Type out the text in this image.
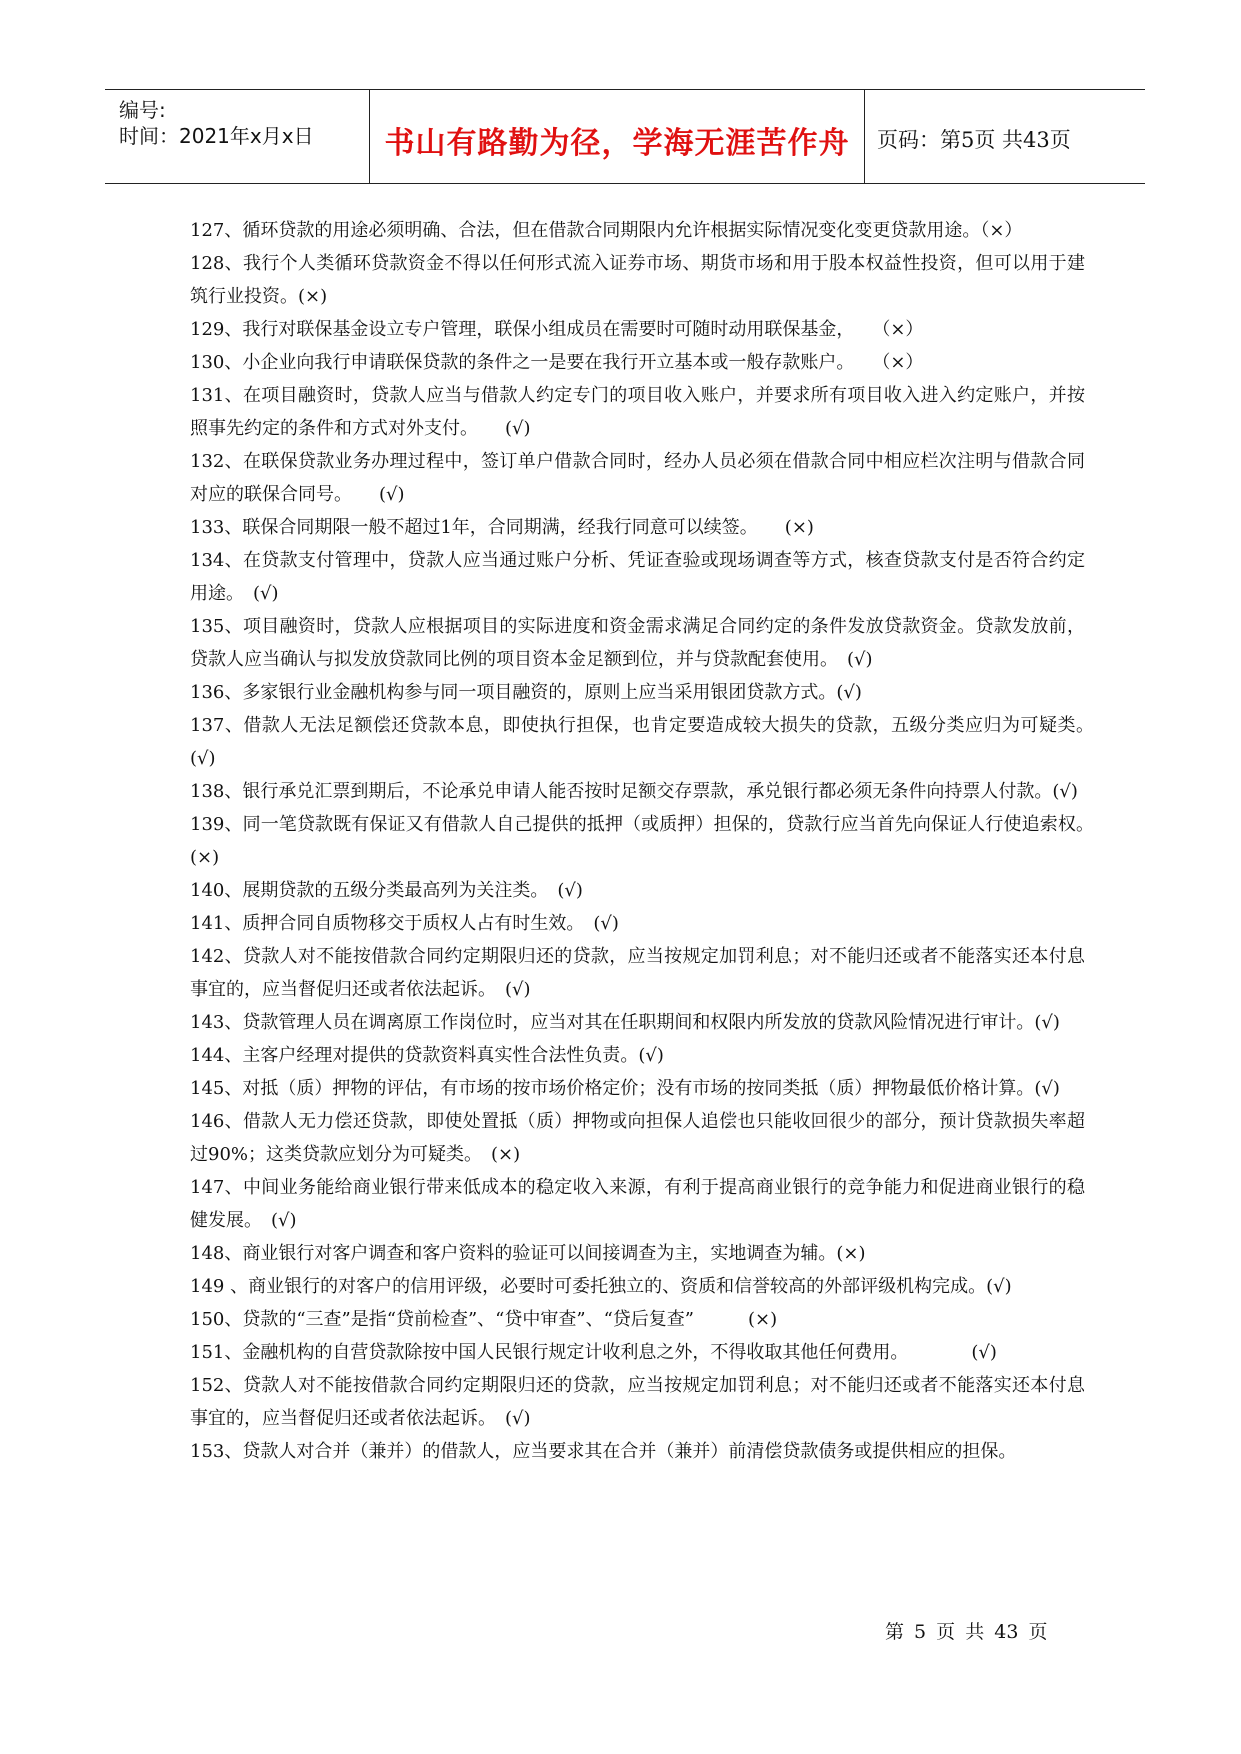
编号:
时间：2021年x月x日	书山有路勤为径，学海无涯苦作舟	页码：第5页 共43页
127、循环贷款的用途必须明确、合法，但在借款合同期限内允许根据实际情况变化变更贷款用途。（×）
128、我行个人类循环贷款资金不得以任何形式流入证券市场、期货市场和用于股本权益性投资，但可以用于建筑行业投资。(×)
129、我行对联保基金设立专户管理，联保小组成员在需要时可随时动用联保基金，　　（×）
130、小企业向我行申请联保贷款的条件之一是要在我行开立基本或一般存款账户。　　（×）
131、在项目融资时，贷款人应当与借款人约定专门的项目收入账户，并要求所有项目收入进入约定账户，并按照事先约定的条件和方式对外支付。　　(√)
132、在联保贷款业务办理过程中，签订单户借款合同时，经办人员必须在借款合同中相应栏次注明与借款合同对应的联保合同号。　　(√)
133、联保合同期限一般不超过1年，合同期满，经我行同意可以续签。　　(×)
134、在贷款支付管理中，贷款人应当通过账户分析、凭证查验或现场调查等方式，核查贷款支付是否符合约定用途。　(√)
135、项目融资时，贷款人应根据项目的实际进度和资金需求满足合同约定的条件发放贷款资金。贷款发放前，贷款人应当确认与拟发放贷款同比例的项目资本金足额到位，并与贷款配套使用。　(√)
136、多家银行业金融机构参与同一项目融资的，原则上应当采用银团贷款方式。(√)
137、借款人无法足额偿还贷款本息，即使执行担保，也肯定要造成较大损失的贷款，五级分类应归为可疑类。　(√)
138、银行承兑汇票到期后，不论承兑申请人能否按时足额交存票款，承兑银行都必须无条件向持票人付款。(√)
139、同一笔贷款既有保证又有借款人自己提供的抵押（或质押）担保的，贷款行应当首先向保证人行使追索权。　(×)
140、展期贷款的五级分类最高列为关注类。　(√)
141、质押合同自质物移交于质权人占有时生效。　(√)
142、贷款人对不能按借款合同约定期限归还的贷款，应当按规定加罚利息；对不能归还或者不能落实还本付息事宜的，应当督促归还或者依法起诉。　(√)
143、贷款管理人员在调离原工作岗位时，应当对其在任职期间和权限内所发放的贷款风险情况进行审计。(√)
144、主客户经理对提供的贷款资料真实性合法性负责。(√)
145、对抵（质）押物的评估，有市场的按市场价格定价；没有市场的按同类抵（质）押物最低价格计算。(√)
146、借款人无力偿还贷款，即使处置抵（质）押物或向担保人追偿也只能收回很少的部分，预计贷款损失率超过90%；这类贷款应划分为可疑类。　(×)
147、中间业务能给商业银行带来低成本的稳定收入来源，有利于提高商业银行的竞争能力和促进商业银行的稳健发展。　(√)
148、商业银行对客户调查和客户资料的验证可以间接调查为主，实地调查为辅。(×)
149 、商业银行的对客户的信用评级，必要时可委托独立的、资质和信誉较高的外部评级机构完成。(√)
150、贷款的“三查”是指“贷前检查”、“贷中审查”、“贷后复查”　　　(×)
151、金融机构的自营贷款除按中国人民银行规定计收利息之外，不得收取其他任何费用。　　　　(√)
152、贷款人对不能按借款合同约定期限归还的贷款，应当按规定加罚利息；对不能归还或者不能落实还本付息事宜的，应当督促归还或者依法起诉。　(√)
153、贷款人对合并（兼并）的借款人，应当要求其在合并（兼并）前清偿贷款债务或提供相应的担保。
第 5 页 共 43 页
